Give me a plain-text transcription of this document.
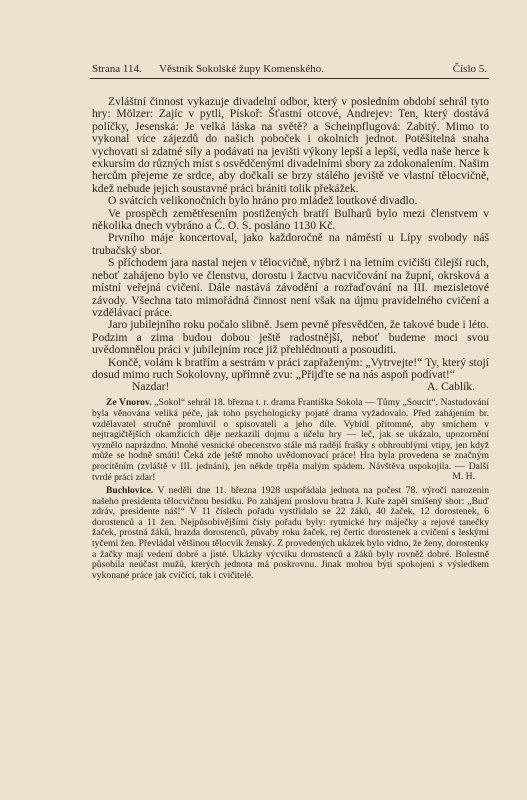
Strana 114. Věstník Sokolské župy Komenského.	Číslo 5.

Zvláštní činnost vykazuje divadelní odbor, který v posledním období sehrál tyto hry: Mölzer: Zajíc v pytli, Pískoř: Šťastní otcové, Andrejev: Ten, který dostává políčky, Jesenská: Je velká láska na světě? a Scheinpflugová: Zabitý. Mimo to vykonal více zájezdů do našich poboček i okolních jednot. Potěšitelná snaha vychovati si zdatné síly a podávati na jevišti výkony lepší a lepší, vedla naše herce k exkursím do různých míst s osvědčenými divadelními sbory za zdokonalením. Našim hercům přejeme ze srdce, aby dočkali se brzy stálého jeviště ve vlastní tělocvičně, kdež nebude jejich soustavné práci brániti tolik překážek.

O svátcích velikonočních bylo hráno pro mládež loutkové divadlo.

Ve prospěch zemětřesením postižených bratří Bulharů bylo mezi členstvem v několika dnech vybráno a Č. O. S. posláno 1130 Kč.

Prvního máje koncertoval, jako každoročně na náměstí u Lípy svobody náš trubačský sbor.

S příchodem jara nastal nejen v tělocvičně, nýbrž i na letním cvičišti čilejší ruch, neboť zahájeno bylo ve členstvu, dorostu i žactvu nacvičování na župní, okrsková a místní veřejná cvičení. Dále nastává závodění a rozřaďování na III. mezisletové závody. Všechna tato mimořádná činnost není však na újmu pravidelného cvičení a vzdělávací práce.

Jaro jubilejního roku počalo slibně. Jsem pevně přesvědčen, že takové bude i léto. Podzim a zima budou dobou ještě radostnější, neboť budeme moci svou uvědomnělou práci v jubilejním roce již přehlédnouti a posouditi.

Končě, volám k bratřím a sestrám v práci zapřaženým: „Vytrvejte!“ Ty, který stojí dosud mimo ruch Sokolovny, upřímně zvu: „Přijďte se na nás aspoň podívat!“

Nazdar!	A. Cablík.

Ze Vnorov. „Sokol“ sehrál 18. března t. r. drama Františka Sokola — Tůmy „Soucit“. Nastudování byla věnována veliká péče, jak toho psychologicky pojaté drama vyžadovalo. Před zahájením br. vzdělavatel stručně promluvil o spisovateli a jeho díle. Vybídl přítomné, aby smíchem v nejtragičtějších okamžicích děje nezkazili dojmu a účelu hry — leč, jak se ukázalo, upozornění vyznělo naprázdno. Mnohé vesnické obecenstvo stále má radějí frašky s obhroublými vtipy, jen když může se hodně smáti! Čeká zde ještě mnoho uvědomovací práce! Hra byla provedena se značným procítěním (zvláště v III. jednání), jen někde trpěla malým spádem. Návštěva uspokojila. — Další tvrdé práci zdar!	M. H.

Buchlovice. V neděli dne 11. března 1928 uspořádala jednota na počest 78. výročí narozenin našeho presidenta tělocvičnou besídku. Po zahájení proslovu bratra J. Kuře zapěl smíšený sbor: „Buď zdráv, presidente náš!“ V 11 číslech pořadu vystřídalo se 22 žáků, 40 žaček, 12 dorostenek, 6 dorostenců a 11 žen. Nejpůsobivějšími čísly pořadu byly: rytmické hry máječky a rejové tanečky žaček, prostná žáků, hrazda dorostenců, půvaby roku žaček, rej čertic dorostenek a cvičení s leskými tyčemi žen. Převládal většinou tělocvik ženský. Z provedených ukázek bylo vidno, že ženy, dorostenky a žačky mají vedení dobré a jisté. Ukázky výcviku dorostenců a žáků byly rovněž dobré. Bolestně působila neúčast mužů, kterých jednota má poskrovnu. Jinak mohou býti spokojeni s výsledkem vykonané práce jak cvičící, tak i cvičitelé.
